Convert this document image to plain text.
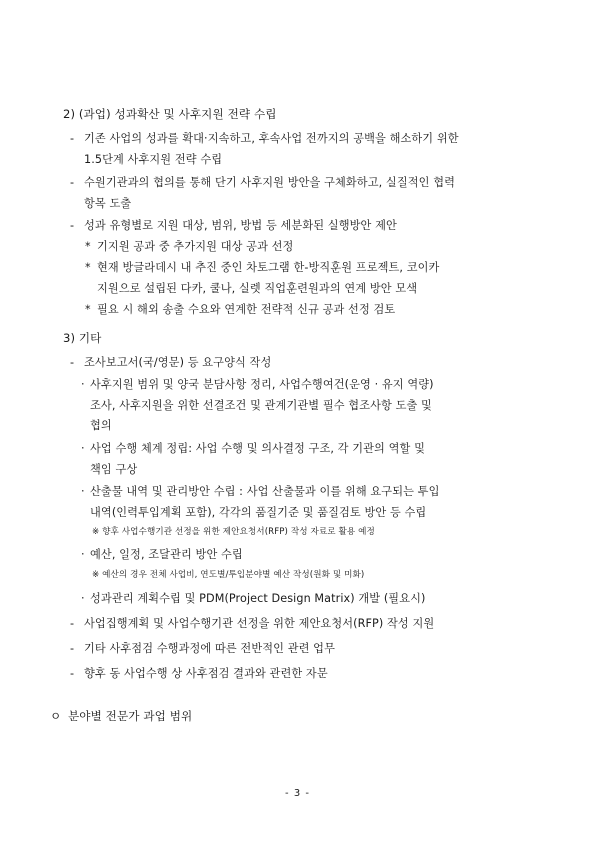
2) (과업) 성과확산 및 사후지원 전략 수립
- 기존 사업의 성과를 확대·지속하고, 후속사업 전까지의 공백을 해소하기 위한
1.5단계 사후지원 전략 수립
- 수원기관과의 협의를 통해 단기 사후지원 방안을 구체화하고, 실질적인 협력
항목 도출
- 성과 유형별로 지원 대상, 범위, 방법 등 세분화된 실행방안 제안
* 기지원 공과 중 추가지원 대상 공과 선정
* 현재 방글라데시 내 추진 중인 차토그램 한-방직훈원 프로젝트, 코이카
지원으로 설립된 다카, 쿨나, 실렛 직업훈련원과의 연계 방안 모색
* 필요 시 해외 송출 수요와 연계한 전략적 신규 공과 선정 검토
3) 기타
- 조사보고서(국/영문) 등 요구양식 작성
· 사후지원 범위 및 양국 분담사항 정리, 사업수행여건(운영 · 유지 역량)
조사, 사후지원을 위한 선결조건 및 관계기관별 필수 협조사항 도출 및
협의
· 사업 수행 체계 정립: 사업 수행 및 의사결정 구조, 각 기관의 역할 및
책임 구상
· 산출물 내역 및 관리방안 수립 : 사업 산출물과 이를 위해 요구되는 투입
내역(인력투입계획 포함), 각각의 품질기준 및 품질검토 방안 등 수립
※ 향후 사업수행기관 선정을 위한 제안요청서(RFP) 작성 자료로 활용 예정
· 예산, 일정, 조달관리 방안 수립
※ 예산의 경우 전체 사업비, 연도별/투입분야별 예산 작성(원화 및 미화)
· 성과관리 계획수립 및 PDM(Project Design Matrix) 개발 (필요시)
- 사업집행계획 및 사업수행기관 선정을 위한 제안요청서(RFP) 작성 지원
- 기타 사후점검 수행과정에 따른 전반적인 관련 업무
- 향후 동 사업수행 상 사후점검 결과와 관련한 자문
ㅇ 분야별 전문가 과업 범위
- 3 -
